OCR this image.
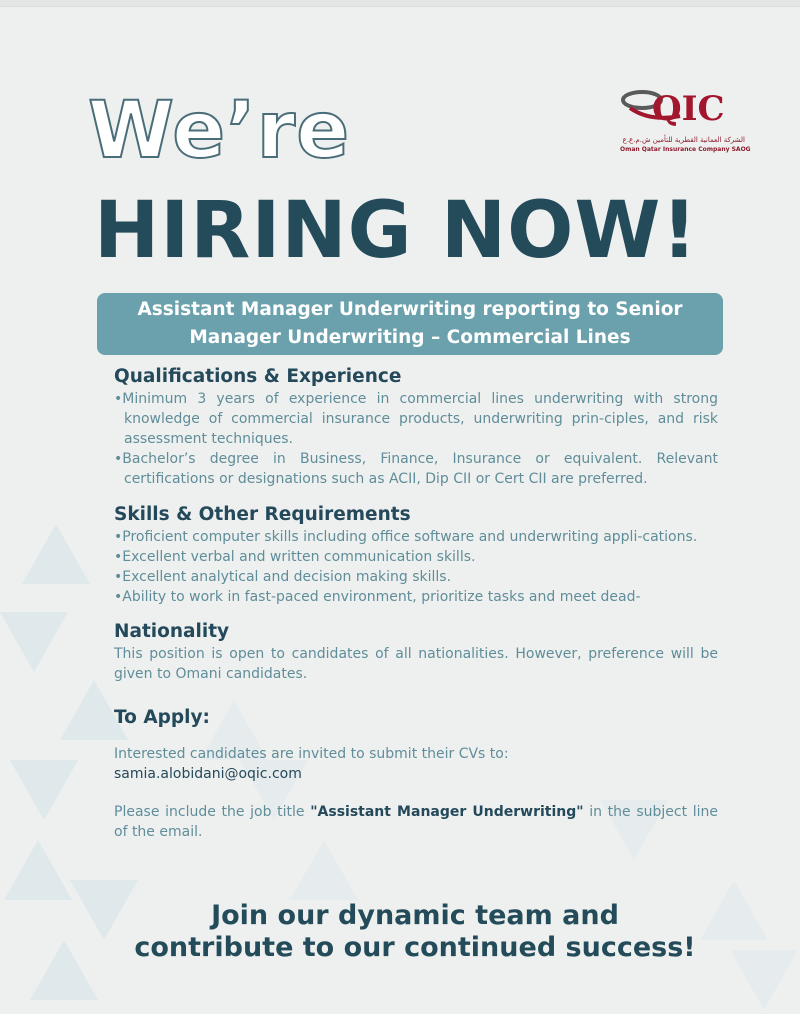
QIC
الشركة العمانية القطرية للتأمين ش.م.ع.ع
Oman Qatar Insurance Company SAOG
We’re
HIRING NOW!
Assistant Manager Underwriting reporting to Senior
Manager Underwriting – Commercial Lines

Qualifications & Experience

•Minimum 3 years of experience in commercial lines underwriting with strong knowledge of commercial insurance products, underwriting prin-ciples, and risk assessment techniques.

•Bachelor’s degree in Business, Finance, Insurance or equivalent. Relevant certifications or designations such as ACII, Dip CII or Cert CII are preferred.

Skills & Other Requirements

•Proficient computer skills including office software and underwriting appli-cations.

•Excellent verbal and written communication skills.

•Excellent analytical and decision making skills.

•Ability to work in fast-paced environment, prioritize tasks and meet dead-

Nationality

This position is open to candidates of all nationalities. However, preference will be given to Omani candidates.

To Apply:

Interested candidates are invited to submit their CVs to:

samia.alobidani@oqic.com

Please include the job title "Assistant Manager Underwriting" in the subject line of the email.

Join our dynamic team and
contribute to our continued success!
